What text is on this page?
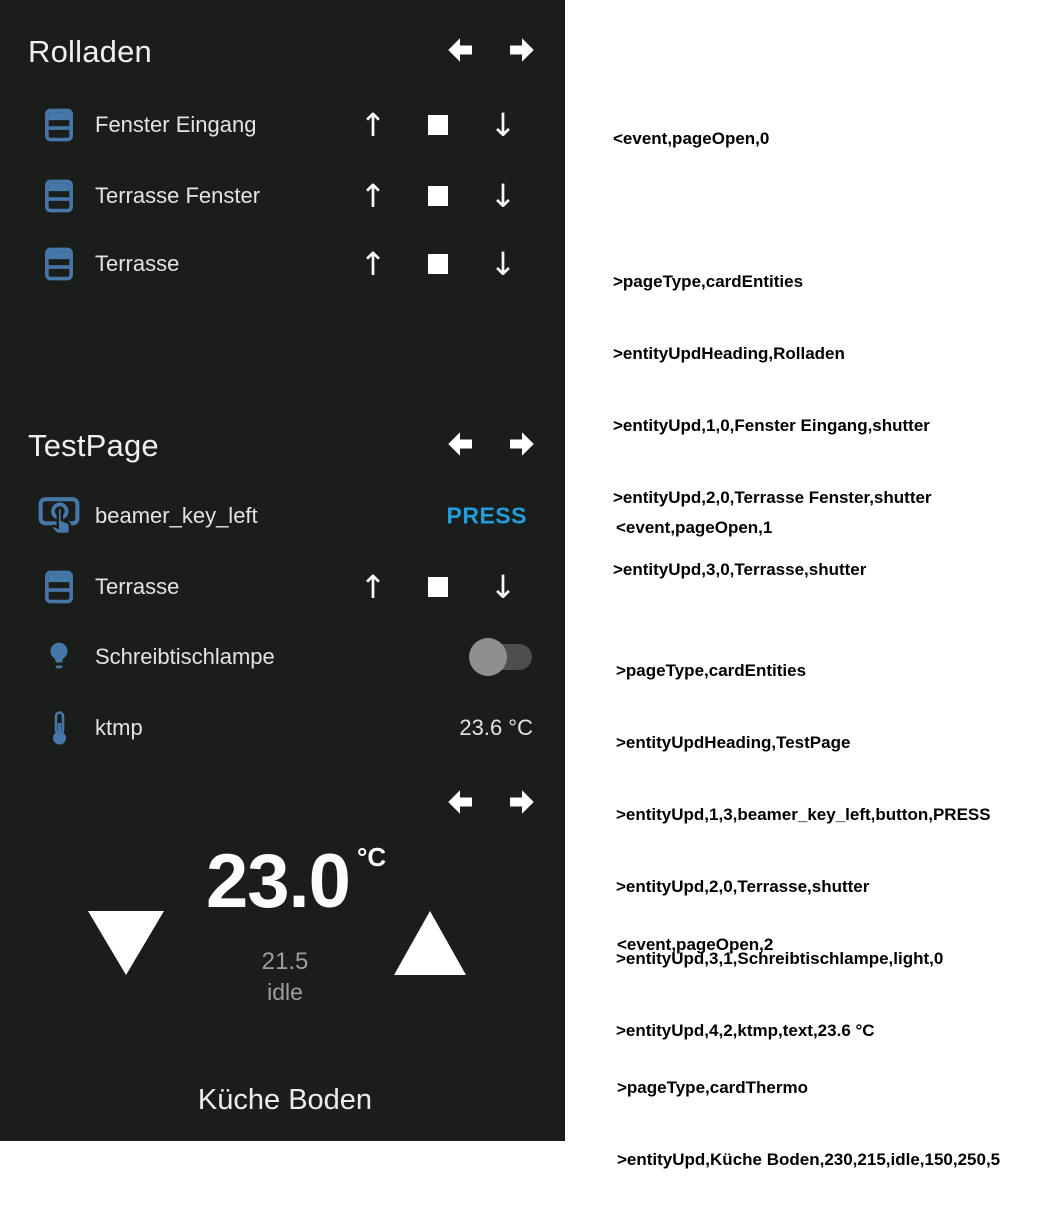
Rolladen
Fenster Eingang	↑	↓
Terrasse Fenster	↑	↓
Terrasse	↑	↓
TestPage
beamer_key_left	PRESS
Terrasse	↑	↓
Schreibtischlampe
ktmp	23.6 °C
23.0 °C
21.5
idle
Küche Boden

<event,pageOpen,0

>pageType,cardEntities

>entityUpdHeading,Rolladen

>entityUpd,1,0,Fenster Eingang,shutter

>entityUpd,2,0,Terrasse Fenster,shutter

>entityUpd,3,0,Terrasse,shutter

<event,pageOpen,1

>pageType,cardEntities

>entityUpdHeading,TestPage

>entityUpd,1,3,beamer_key_left,button,PRESS

>entityUpd,2,0,Terrasse,shutter

>entityUpd,3,1,Schreibtischlampe,light,0

>entityUpd,4,2,ktmp,text,23.6 °C

<event,pageOpen,2

>pageType,cardThermo

>entityUpd,Küche Boden,230,215,idle,150,250,5
